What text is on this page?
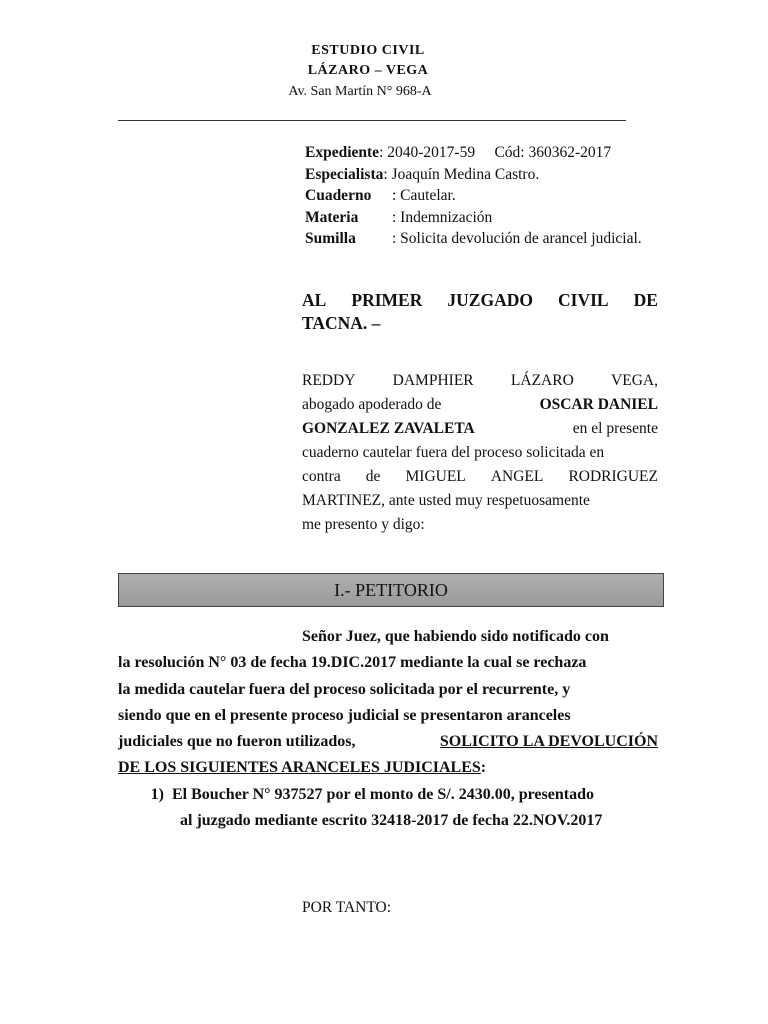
ESTUDIO CIVIL
LÁZARO – VEGA
Av. San Martín N° 968-A
Expediente : 2040-2017-59     Cód: 360362-2017
Especialista : Joaquín Medina Castro.
Cuaderno	: Cautelar.
Materia	: Indemnización
Sumilla	: Solicita devolución de arancel judicial.
AL PRIMER JUZGADO CIVIL DE
TACNA. –
REDDY DAMPHIER LÁZARO VEGA,
abogado apoderado de	OSCAR DANIEL
GONZALEZ ZAVALETA	en el presente
cuaderno cautelar fuera del proceso solicitada en
contra de MIGUEL ANGEL RODRIGUEZ
MARTINEZ, ante usted muy respetuosamente
me presento y digo:
I.- PETITORIO
Señor Juez, que habiendo sido notificado con
la resolución N° 03 de fecha 19.DIC.2017 mediante la cual se rechaza
la medida cautelar fuera del proceso solicitada por el recurrente, y
siendo que en el presente proceso judicial se presentaron aranceles
judiciales que no fueron utilizados,	SOLICITO LA DEVOLUCIÓN
DE LOS SIGUIENTES ARANCELES JUDICIALES :
1) El Boucher N° 937527 por el monto de S/. 2430.00, presentado
al juzgado mediante escrito 32418-2017 de fecha 22.NOV.2017
POR TANTO:
